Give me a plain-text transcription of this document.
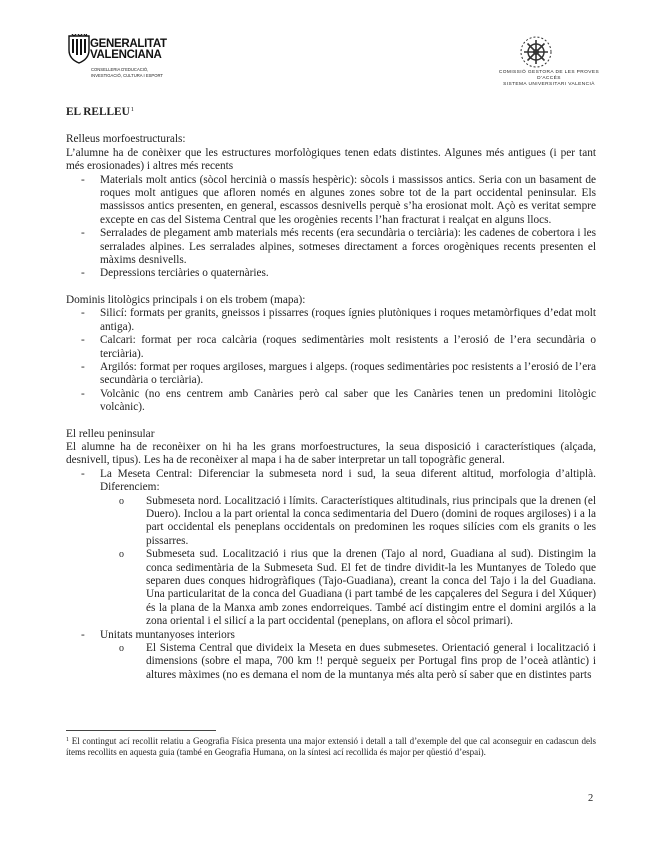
GENERALITAT
VALENCIANA
CONSELLERIA D'EDUCACIÓ,
INVESTIGACIÓ, CULTURA I ESPORT	COMISSIÓ GESTORA DE LES PROVES D'ACCÉS
SISTEMA UNIVERSITARI VALENCIÀ
EL RELLEU$^1$

Relleus morfoestructurals:

L’alumne ha de conèixer que les estructures morfològiques tenen edats distintes. Algunes més antigues (i per tant més erosionades) i altres més recents

- Materials molt antics (sòcol hercinià o massís hespèric): sòcols i massissos antics. Seria con un basament de roques molt antigues que afloren només en algunes zones sobre tot de la part occidental peninsular. Els massissos antics presenten, en general, escassos desnivells perquè s’ha erosionat molt. Açò es veritat sempre excepte en cas del Sistema Central que les orogènies recents l’han fracturat i realçat en alguns llocs.

- Serralades de plegament amb materials més recents (era secundària o terciària): les cadenes de cobertora i les serralades alpines. Les serralades alpines, sotmeses directament a forces orogèniques recents presenten el màxims desnivells.

- Depressions terciàries o quaternàries.

Dominis litològics principals i on els trobem (mapa):

- Silicí: formats per granits, gneissos i pissarres (roques ígnies plutòniques i roques metamòrfiques d’edat molt antiga).

- Calcari: format per roca calcària (roques sedimentàries molt resistents a l’erosió de l’era secundària o terciària).

- Argilós: format per roques argiloses, margues i algeps. (roques sedimentàries poc resistents a l’erosió de l’era secundària o terciària).

- Volcànic (no ens centrem amb Canàries però cal saber que les Canàries tenen un predomini litològic volcànic).

El relleu peninsular

El alumne ha de reconèixer on hi ha les grans morfoestructures, la seua disposició i característiques (alçada, desnivell, tipus). Les ha de reconèixer al mapa i ha de saber interpretar un tall topogràfic general.

- La Meseta Central: Diferenciar la submeseta nord i sud, la seua diferent altitud, morfologia d’altiplà. Diferenciem:

o Submeseta nord. Localització i límits. Característiques altitudinals, rius principals que la drenen (el Duero). Inclou a la part oriental la conca sedimentaria del Duero (domini de roques argiloses) i a la part occidental els peneplans occidentals on predominen les roques silícies com els granits o les pissarres.

o Submeseta sud. Localització i rius que la drenen (Tajo al nord, Guadiana al sud). Distingim la conca sedimentària de la Submeseta Sud. El fet de tindre dividit-la les Muntanyes de Toledo que separen dues conques hidrogràfiques (Tajo-Guadiana), creant la conca del Tajo i la del Guadiana. Una particularitat de la conca del Guadiana (i part també de les capçaleres del Segura i del Xúquer) és la plana de la Manxa amb zones endorreiques. També ací distingim entre el domini argilós a la zona oriental i el silicí a la part occidental (peneplans, on aflora el sòcol primari).

- Unitats muntanyoses interiors

o El Sistema Central que divideix la Meseta en dues submesetes. Orientació general i localització i dimensions (sobre el mapa, 700 km !! perquè segueix per Portugal fins prop de l’oceà atlàntic) i altures màximes (no es demana el nom de la muntanya més alta però sí saber que en distintes parts

$^1$ El contingut ací recollit relatiu a Geografia Física presenta una major extensió i detall a tall d’exemple del que cal aconseguir en cadascun dels ítems recollits en aquesta guia (també en Geografia Humana, on la síntesi ací recollida és major per qüestió d’espai).
2
